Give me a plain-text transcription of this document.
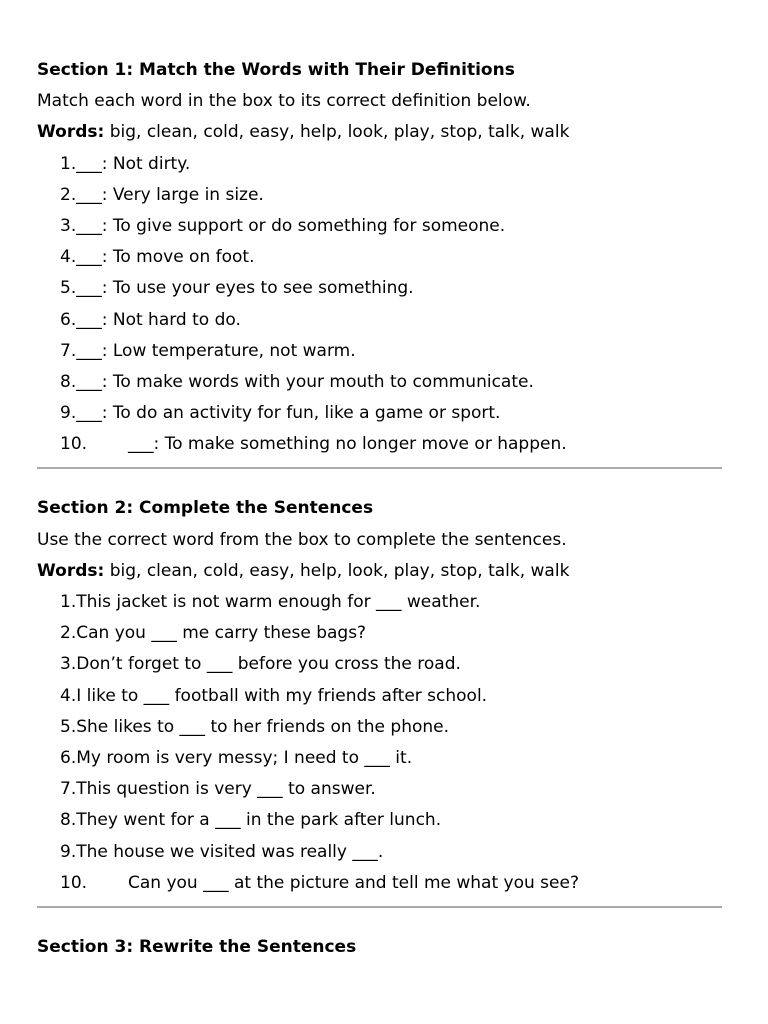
Section 1: Match the Words with Their Definitions
Match each word in the box to its correct definition below.
Words: big, clean, cold, easy, help, look, play, stop, talk, walk
1.___: Not dirty.
2.___: Very large in size.
3.___: To give support or do something for someone.
4.___: To move on foot.
5.___: To use your eyes to see something.
6.___: Not hard to do.
7.___: Low temperature, not warm.
8.___: To make words with your mouth to communicate.
9.___: To do an activity for fun, like a game or sport.
10. ___: To make something no longer move or happen.
Section 2: Complete the Sentences
Use the correct word from the box to complete the sentences.
Words: big, clean, cold, easy, help, look, play, stop, talk, walk
1.This jacket is not warm enough for ___ weather.
2.Can you ___ me carry these bags?
3.Don’t forget to ___ before you cross the road.
4.I like to ___ football with my friends after school.
5.She likes to ___ to her friends on the phone.
6.My room is very messy; I need to ___ it.
7.This question is very ___ to answer.
8.They went for a ___ in the park after lunch.
9.The house we visited was really ___.
10. Can you ___ at the picture and tell me what you see?
Section 3: Rewrite the Sentences
